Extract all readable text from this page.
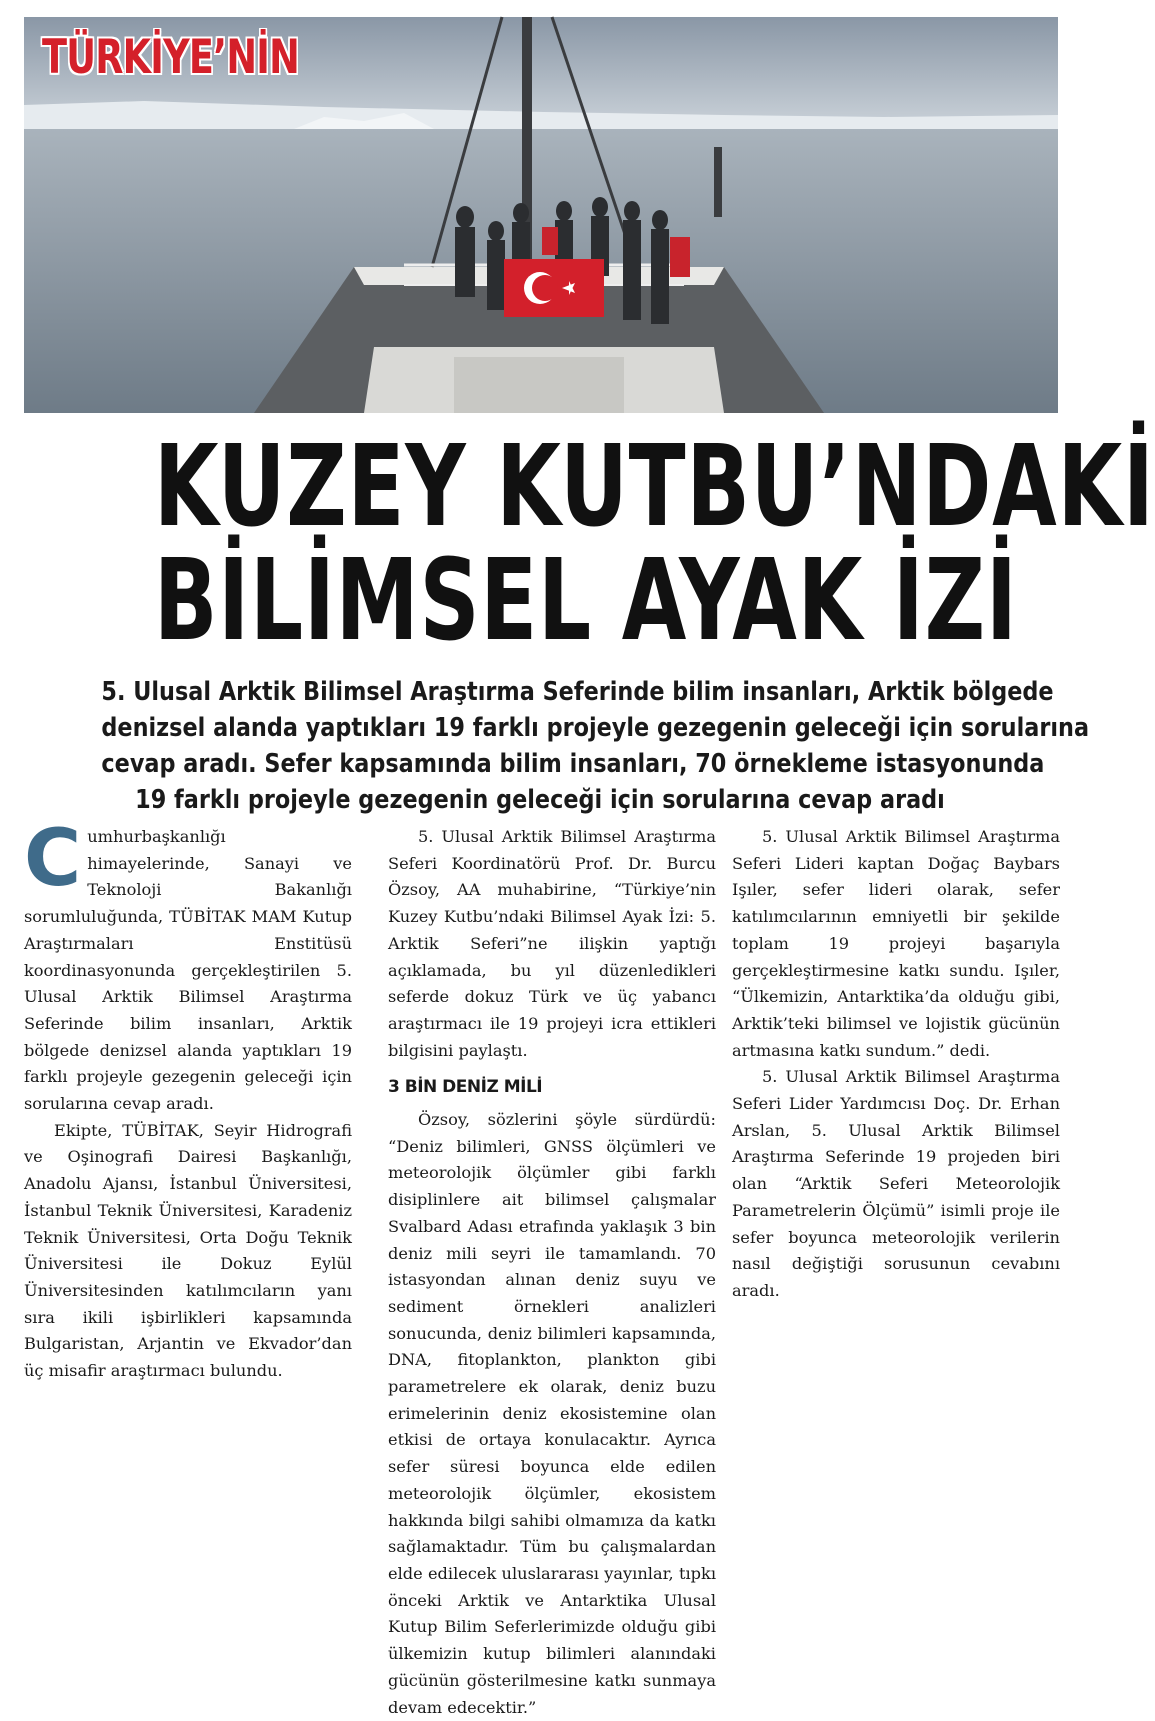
TÜRKİYE’NİN
KUZEY KUTBU’NDAKİ
BİLİMSEL AYAK İZİ
5. Ulusal Arktik Bilimsel Araştırma Seferinde bilim insanları, Arktik bölgede
denizsel alanda yaptıkları 19 farklı projeyle gezegenin geleceği için sorularına
cevap aradı. Sefer kapsamında bilim insanları, 70 örnekleme istasyonunda
19 farklı projeyle gezegenin geleceği için sorularına cevap aradı

Cumhurbaşkanlığı himayelerinde, Sanayi ve Teknoloji Bakanlığı sorumluluğunda, TÜBİTAK MAM Kutup Araştırmaları Enstitüsü koordinasyonunda gerçekleştirilen 5. Ulusal Arktik Bilimsel Araştırma Seferinde bilim insanları, Arktik bölgede denizsel alanda yaptıkları 19 farklı projeyle gezegenin geleceği için sorularına cevap aradı.

Ekipte, TÜBİTAK, Seyir Hidrografi ve Oşinografi Dairesi Başkanlığı, Anadolu Ajansı, İstanbul Üniversitesi, İstanbul Teknik Üniversitesi, Karadeniz Teknik Üniversitesi, Orta Doğu Teknik Üniversitesi ile Dokuz Eylül Üniversitesinden katılımcıların yanı sıra ikili işbirlikleri kapsamında Bulgaristan, Arjantin ve Ekvador’dan üç misafir araştırmacı bulundu.

5. Ulusal Arktik Bilimsel Araştırma Seferi Koordinatörü Prof. Dr. Burcu Özsoy, AA muhabirine, “Türkiye’nin Kuzey Kutbu’ndaki Bilimsel Ayak İzi: 5. Arktik Seferi”ne ilişkin yaptığı açıklamada, bu yıl düzenledikleri seferde dokuz Türk ve üç yabancı araştırmacı ile 19 projeyi icra ettikleri bilgisini paylaştı.

3 BİN DENİZ MİLİ

Özsoy, sözlerini şöyle sürdürdü: “Deniz bilimleri, GNSS ölçümleri ve meteorolojik ölçümler gibi farklı disiplinlere ait bilimsel çalışmalar Svalbard Adası etrafında yaklaşık 3 bin deniz mili seyri ile tamamlandı. 70 istasyondan alınan deniz suyu ve sediment örnekleri analizleri sonucunda, deniz bilimleri kapsamında, DNA, fitoplankton, plankton gibi parametrelere ek olarak, deniz buzu erimelerinin deniz ekosistemine olan etkisi de ortaya konulacaktır. Ayrıca sefer süresi boyunca elde edilen meteorolojik ölçümler, ekosistem hakkında bilgi sahibi olmamıza da katkı sağlamaktadır. Tüm bu çalışmalardan elde edilecek uluslararası yayınlar, tıpkı önceki Arktik ve Antarktika Ulusal Kutup Bilim Seferlerimizde olduğu gibi ülkemizin kutup bilimleri alanındaki gücünün gösterilmesine katkı sunmaya devam edecektir.”

5. Ulusal Arktik Bilimsel Araştırma Seferi Lideri kaptan Doğaç Baybars Işıler, sefer lideri olarak, sefer katılımcılarının emniyetli bir şekilde toplam 19 projeyi başarıyla gerçekleştirmesine katkı sundu. Işıler, “Ülkemizin, Antarktika’da olduğu gibi, Arktik’teki bilimsel ve lojistik gücünün artmasına katkı sundum.” dedi.

5. Ulusal Arktik Bilimsel Araştırma Seferi Lider Yardımcısı Doç. Dr. Erhan Arslan, 5. Ulusal Arktik Bilimsel Araştırma Seferinde 19 projeden biri olan “Arktik Seferi Meteorolojik Parametrelerin Ölçümü” isimli proje ile sefer boyunca meteorolojik verilerin nasıl değiştiği sorusunun cevabını aradı.
